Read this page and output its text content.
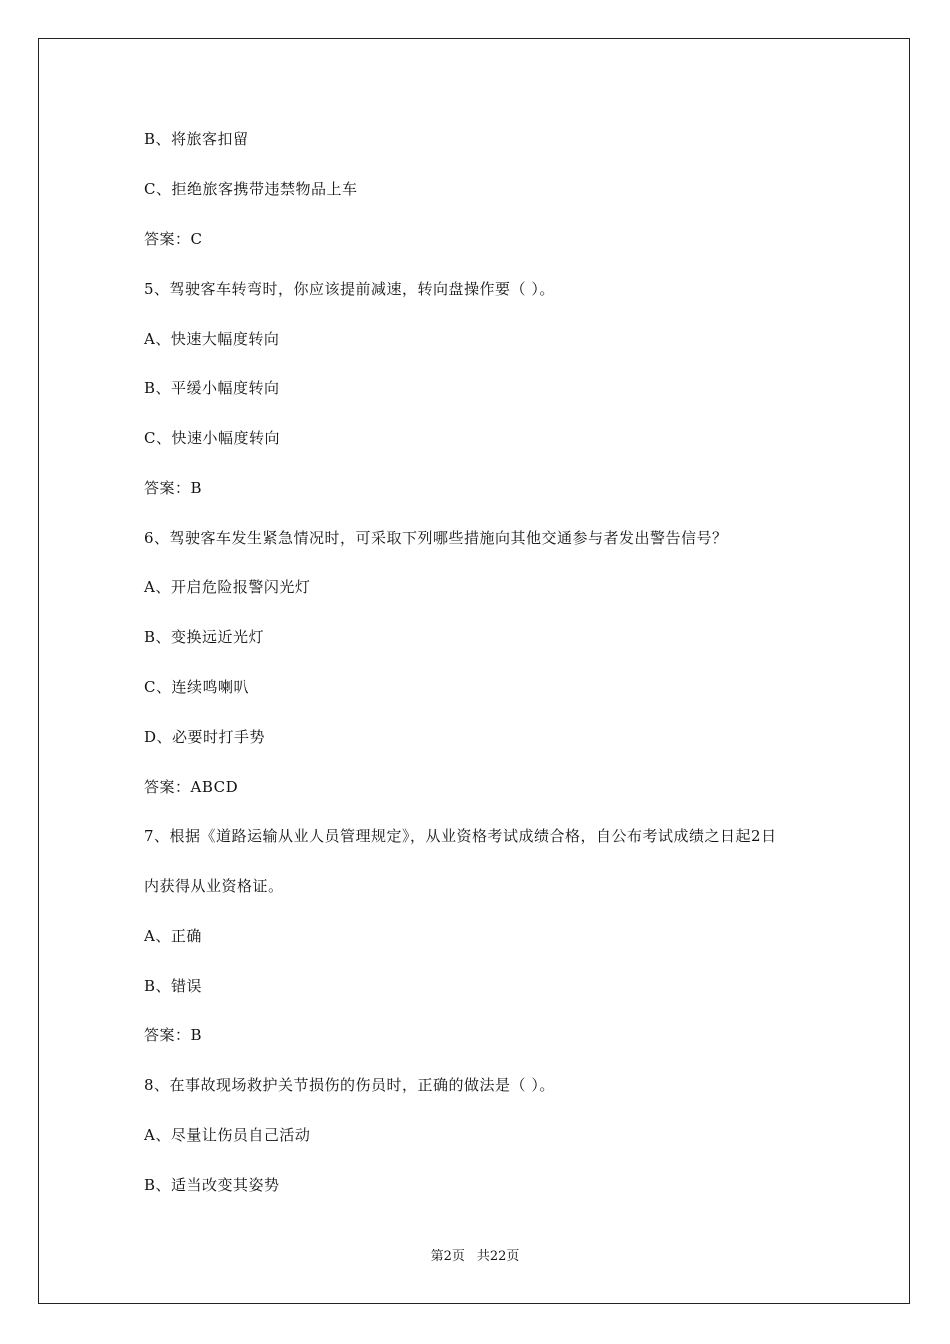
B、将旅客扣留
C、拒绝旅客携带违禁物品上车
答案：C
5、驾驶客车转弯时，你应该提前减速，转向盘操作要（ ）。
A、快速大幅度转向
B、平缓小幅度转向
C、快速小幅度转向
答案：B
6、驾驶客车发生紧急情况时，可采取下列哪些措施向其他交通参与者发出警告信号？
A、开启危险报警闪光灯
B、变换远近光灯
C、连续鸣喇叭
D、必要时打手势
答案：ABCD
7、根据《道路运输从业人员管理规定》，从业资格考试成绩合格，自公布考试成绩之日起2日
内获得从业资格证。
A、正确
B、错误
答案：B
8、在事故现场救护关节损伤的伤员时，正确的做法是（ ）。
A、尽量让伤员自己活动
B、适当改变其姿势
第2页 共22页
